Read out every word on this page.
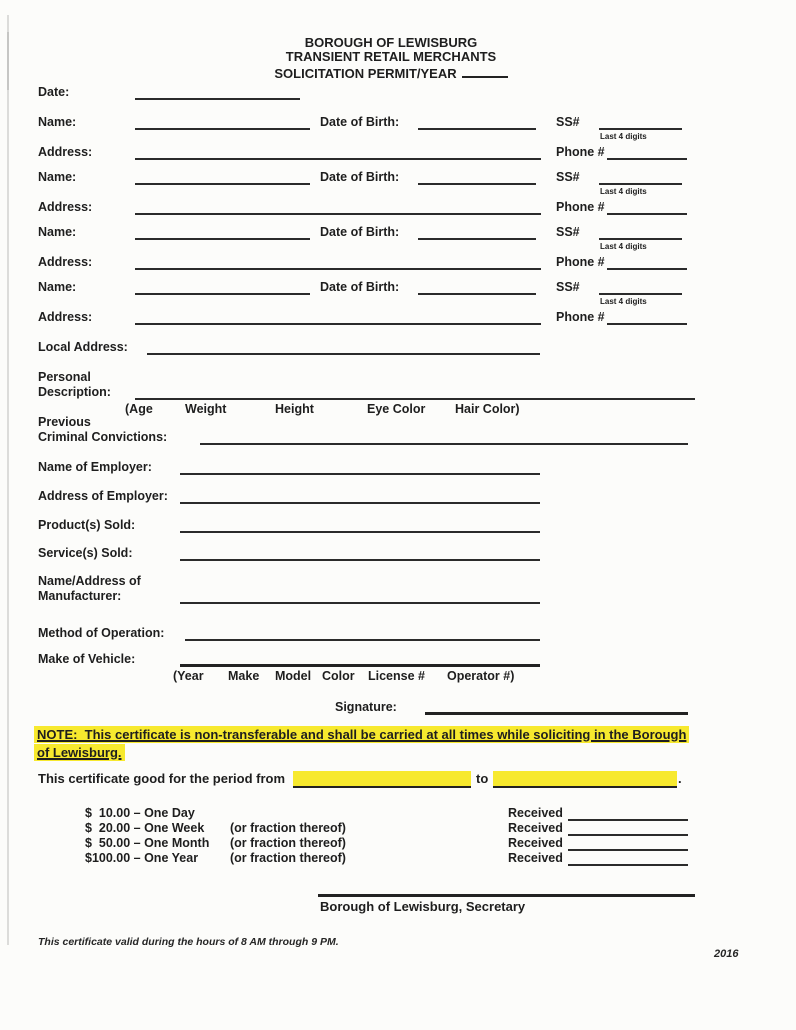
BOROUGH OF LEWISBURG
TRANSIENT RETAIL MERCHANTS
SOLICITATION PERMIT/YEAR
Date:
Name:	Date of Birth:	SS#
Last 4 digits
Address:	Phone #
Name:	Date of Birth:	SS#
Last 4 digits
Address:	Phone #
Name:	Date of Birth:	SS#
Last 4 digits
Address:	Phone #
Name:	Date of Birth:	SS#
Last 4 digits
Address:	Phone #
Local Address:
Personal
Description:
(Age	Weight	Height	Eye Color Hair Color)
Previous
Criminal Convictions:
Name of Employer:
Address of Employer:
Product(s) Sold:
Service(s) Sold:
Name/Address of
Manufacturer:
Method of Operation:
Make of Vehicle:
(Year Make Model Color License # Operator #)
Signature:
NOTE:  This certificate is non-transferable and shall be carried at all times while soliciting in the Borough
of Lewisburg.
This certificate good for the period from	to	.
$  10.00 – One Day	Received
$  20.00 – One Week (or fraction thereof)	Received
$  50.00 – One Month (or fraction thereof)	Received
$100.00 – One Year	(or fraction thereof)	Received
Borough of Lewisburg, Secretary
This certificate valid during the hours of 8 AM through 9 PM.
2016
